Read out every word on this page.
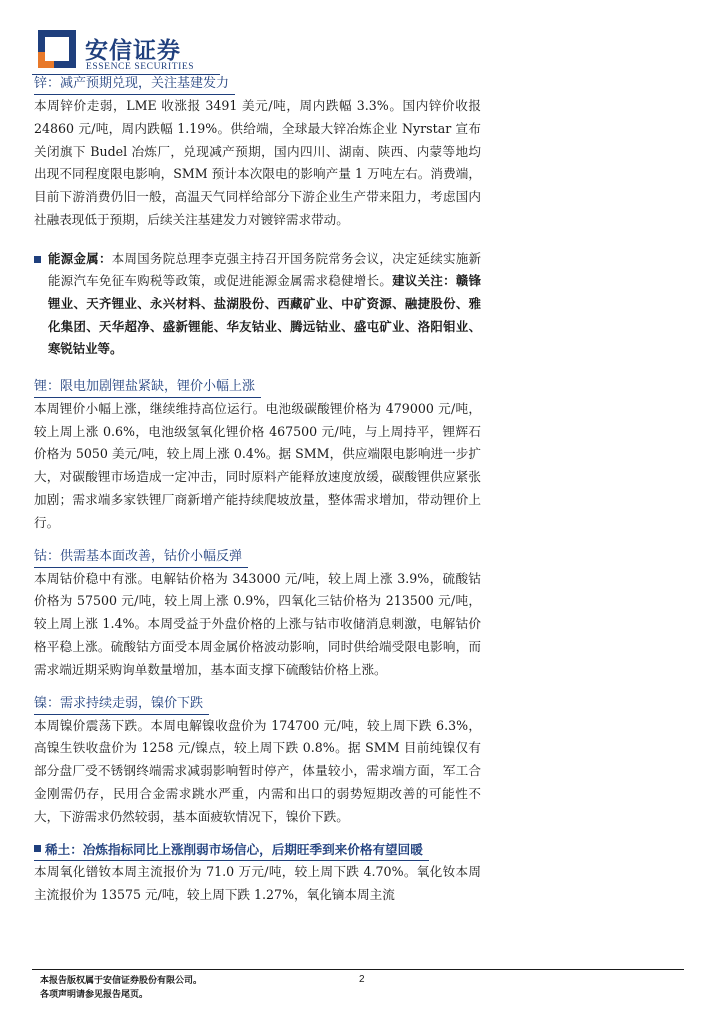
安信证券
ESSENCE SECURITIES
锌：减产预期兑现，关注基建发力

本周锌价走弱，LME 收涨报 3491 美元/吨，周内跌幅 3.3%。国内锌价收报 24860 元/吨，周内跌幅 1.19%。供给端，全球最大锌冶炼企业 Nyrstar 宣布关闭旗下 Budel 冶炼厂，兑现减产预期，国内四川、湖南、陕西、内蒙等地均出现不同程度限电影响，SMM 预计本次限电的影响产量 1 万吨左右。消费端，目前下游消费仍旧一般，高温天气同样给部分下游企业生产带来阻力，考虑国内社融表现低于预期，后续关注基建发力对镀锌需求带动。

能源金属：本周国务院总理李克强主持召开国务院常务会议，决定延续实施新能源汽车免征车购税等政策，或促进能源金属需求稳健增长。建议关注：赣锋锂业、天齐锂业、永兴材料、盐湖股份、西藏矿业、中矿资源、融捷股份、雅化集团、天华超净、盛新锂能、华友钴业、腾远钴业、盛屯矿业、洛阳钼业、寒锐钴业等。

锂：限电加剧锂盐紧缺，锂价小幅上涨

本周锂价小幅上涨，继续维持高位运行。电池级碳酸锂价格为 479000 元/吨，较上周上涨 0.6%，电池级氢氧化锂价格 467500 元/吨，与上周持平，锂辉石价格为 5050 美元/吨，较上周上涨 0.4%。据 SMM，供应端限电影响进一步扩大，对碳酸锂市场造成一定冲击，同时原料产能释放速度放缓，碳酸锂供应紧张加剧；需求端多家铁锂厂商新增产能持续爬坡放量，整体需求增加，带动锂价上行。

钴：供需基本面改善，钴价小幅反弹

本周钴价稳中有涨。电解钴价格为 343000 元/吨，较上周上涨 3.9%，硫酸钴价格为 57500 元/吨，较上周上涨 0.9%，四氧化三钴价格为 213500 元/吨，较上周上涨 1.4%。本周受益于外盘价格的上涨与钴市收储消息刺激，电解钴价格平稳上涨。硫酸钴方面受本周金属价格波动影响，同时供给端受限电影响，而需求端近期采购询单数量增加，基本面支撑下硫酸钴价格上涨。

镍：需求持续走弱，镍价下跌

本周镍价震荡下跌。本周电解镍收盘价为 174700 元/吨，较上周下跌 6.3%，高镍生铁收盘价为 1258 元/镍点，较上周下跌 0.8%。据 SMM 目前纯镍仅有部分盘厂受不锈钢终端需求减弱影响暂时停产，体量较小，需求端方面，军工合金刚需仍存，民用合金需求跳水严重，内需和出口的弱势短期改善的可能性不大，下游需求仍然较弱，基本面疲软情况下，镍价下跌。

稀土：冶炼指标同比上涨削弱市场信心，后期旺季到来价格有望回暖

本周氧化镨钕本周主流报价为 71.0 万元/吨，较上周下跌 4.70%。氧化钕本周主流报价为 13575 元/吨，较上周下跌 1.27%，氧化镝本周主流

本报告版权属于安信证券股份有限公司。
各项声明请参见报告尾页。
2
